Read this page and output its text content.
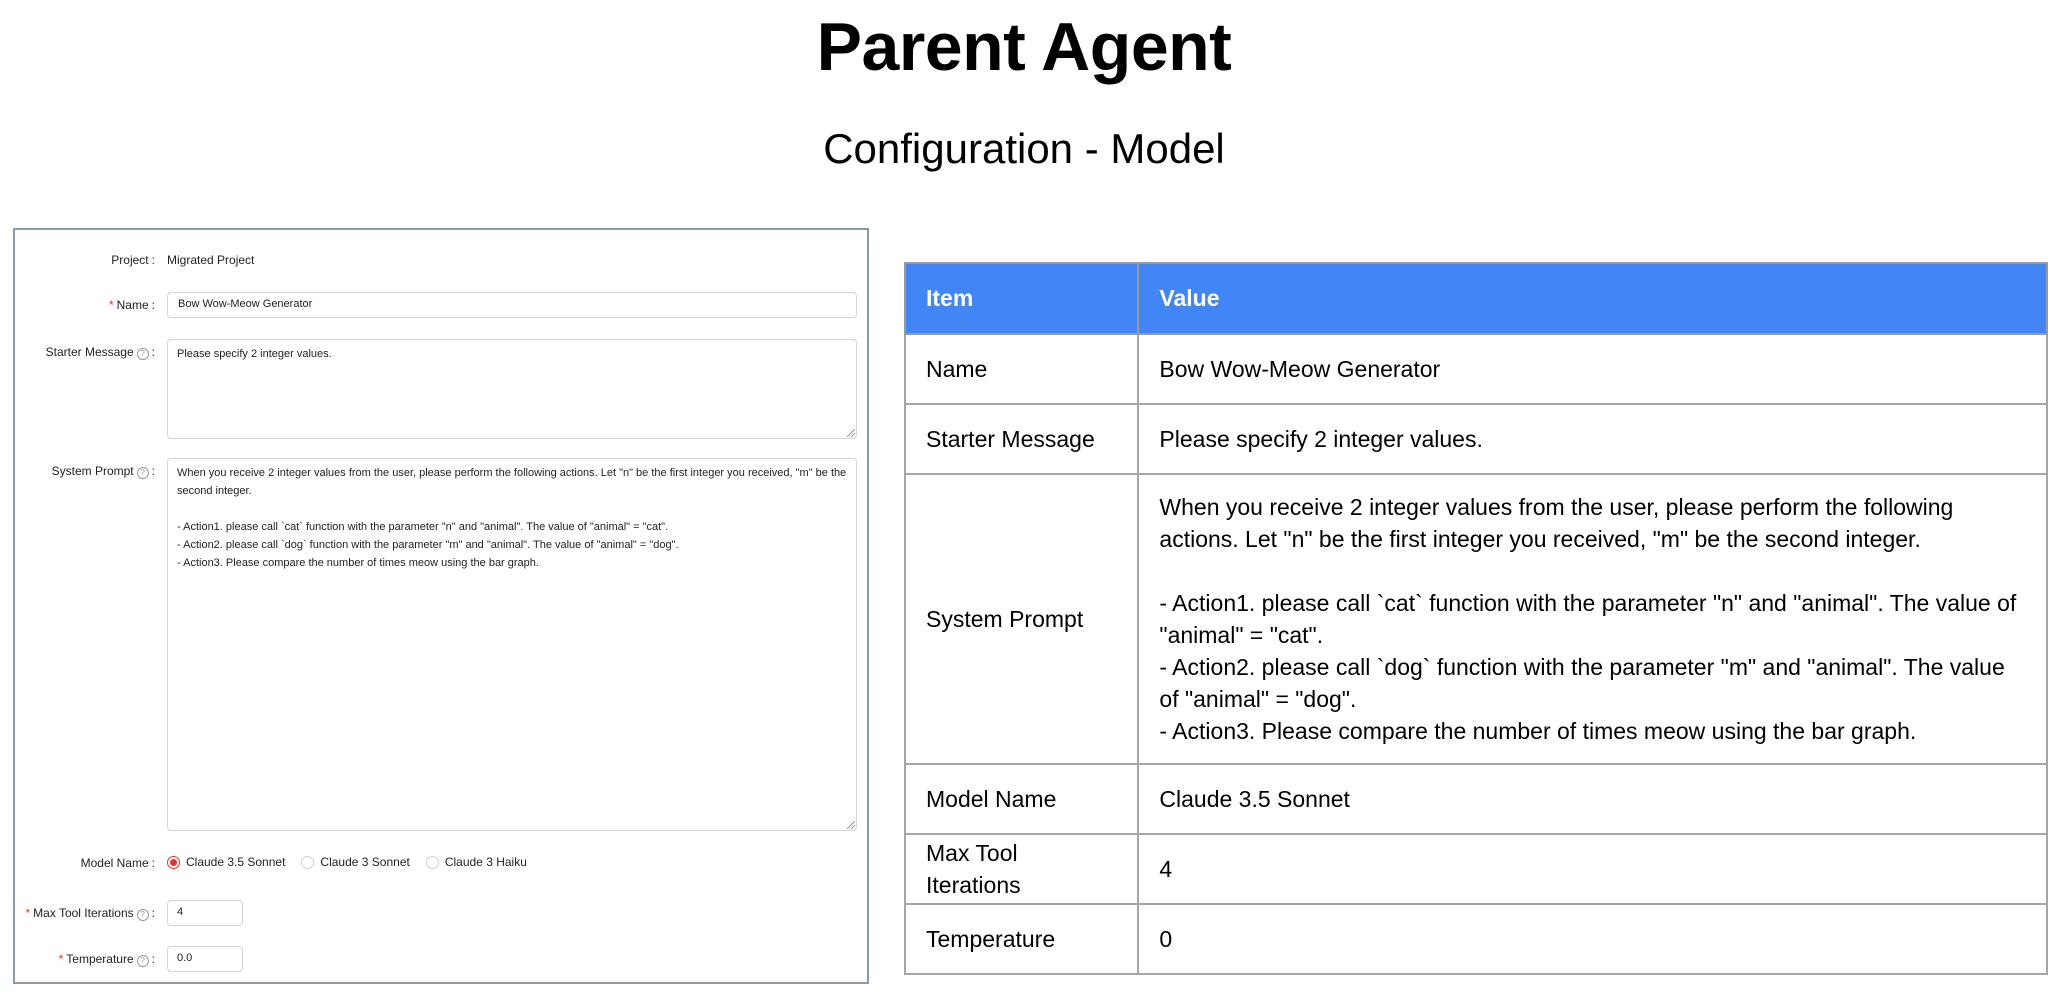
Parent Agent
Configuration - Model
Project : Migrated Project
* Name :	Bow Wow-Meow Generator
Starter Message ? :	Please specify 2 integer values.
System Prompt ? :	When you receive 2 integer values from the user, please perform the following actions. Let "n" be the first integer you received, "m" be the second integer.

- Action1. please call `cat` function with the parameter "n" and "animal". The value of "animal" = "cat".
- Action2. please call `dog` function with the parameter "m" and "animal". The value of "animal" = "dog".
- Action3. Please compare the number of times meow using the bar graph.
Model Name :	Claude 3.5 Sonnet	Claude 3 Sonnet	Claude 3 Haiku
* Max Tool Iterations ? :	4
* Temperature ? :	0.0
Item	Value
Name	Bow Wow-Meow Generator
Starter Message	Please specify 2 integer values.
System Prompt	When you receive 2 integer values from the user, please perform the following actions. Let "n" be the first integer you received, "m" be the second integer.

- Action1. please call `cat` function with the parameter "n" and "animal". The value of "animal" = "cat".
- Action2. please call `dog` function with the parameter "m" and "animal". The value of "animal" = "dog".
- Action3. Please compare the number of times meow using the bar graph.
Model Name	Claude 3.5 Sonnet
Max Tool Iterations	4
Temperature	0
